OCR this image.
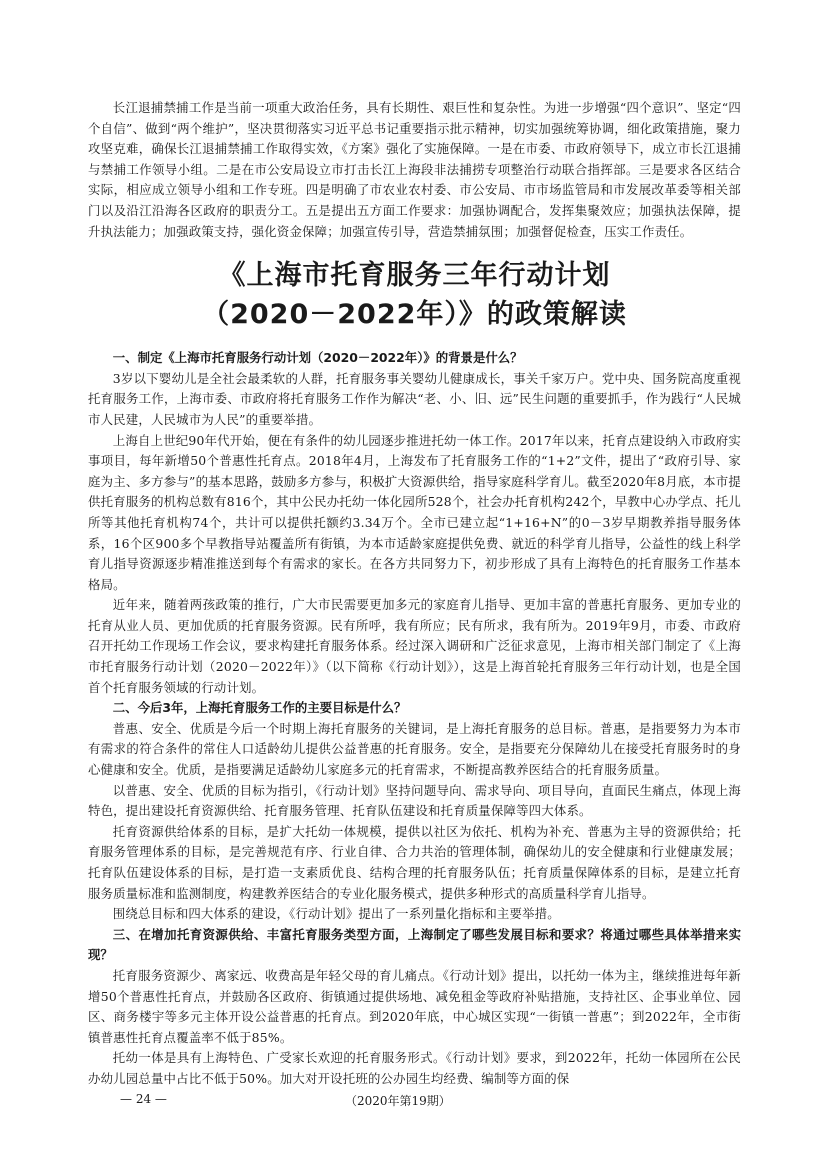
长江退捕禁捕工作是当前一项重大政治任务，具有长期性、艰巨性和复杂性。为进一步增强“四个意识”、坚定“四个自信”、做到“两个维护”，坚决贯彻落实习近平总书记重要指示批示精神，切实加强统筹协调，细化政策措施，聚力攻坚克难，确保长江退捕禁捕工作取得实效，《方案》强化了实施保障。一是在市委、市政府领导下，成立市长江退捕与禁捕工作领导小组。二是在市公安局设立市打击长江上海段非法捕捞专项整治行动联合指挥部。三是要求各区结合实际，相应成立领导小组和工作专班。四是明确了市农业农村委、市公安局、市市场监管局和市发展改革委等相关部门以及沿江沿海各区政府的职责分工。五是提出五方面工作要求：加强协调配合，发挥集聚效应；加强执法保障，提升执法能力；加强政策支持，强化资金保障；加强宣传引导，营造禁捕氛围；加强督促检查，压实工作责任。

《上海市托育服务三年行动计划
（2020－2022年）》的政策解读
一、制定《上海市托育服务行动计划（2020－2022年）》的背景是什么？

3岁以下婴幼儿是全社会最柔软的人群，托育服务事关婴幼儿健康成长，事关千家万户。党中央、国务院高度重视托育服务工作，上海市委、市政府将托育服务工作作为解决“老、小、旧、远”民生问题的重要抓手，作为践行“人民城市人民建，人民城市为人民”的重要举措。

上海自上世纪90年代开始，便在有条件的幼儿园逐步推进托幼一体工作。2017年以来，托育点建设纳入市政府实事项目，每年新增50个普惠性托育点。2018年4月，上海发布了托育服务工作的“1+2”文件，提出了“政府引导、家庭为主、多方参与”的基本思路，鼓励多方参与，积极扩大资源供给，指导家庭科学育儿。截至2020年8月底，本市提供托育服务的机构总数有816个，其中公民办托幼一体化园所528个，社会办托育机构242个，早教中心办学点、托儿所等其他托育机构74个，共计可以提供托额约3.34万个。全市已建立起“1+16+N”的0－3岁早期教养指导服务体系，16个区900多个早教指导站覆盖所有街镇，为本市适龄家庭提供免费、就近的科学育儿指导，公益性的线上科学育儿指导资源逐步精准推送到每个有需求的家长。在各方共同努力下，初步形成了具有上海特色的托育服务工作基本格局。

近年来，随着两孩政策的推行，广大市民需要更加多元的家庭育儿指导、更加丰富的普惠托育服务、更加专业的托育从业人员、更加优质的托育服务资源。民有所呼，我有所应；民有所求，我有所为。2019年9月，市委、市政府召开托幼工作现场工作会议，要求构建托育服务体系。经过深入调研和广泛征求意见，上海市相关部门制定了《上海市托育服务行动计划（2020－2022年）》（以下简称《行动计划》），这是上海首轮托育服务三年行动计划，也是全国首个托育服务领域的行动计划。

二、今后3年，上海托育服务工作的主要目标是什么？

普惠、安全、优质是今后一个时期上海托育服务的关键词，是上海托育服务的总目标。普惠，是指要努力为本市有需求的符合条件的常住人口适龄幼儿提供公益普惠的托育服务。安全，是指要充分保障幼儿在接受托育服务时的身心健康和安全。优质，是指要满足适龄幼儿家庭多元的托育需求，不断提高教养医结合的托育服务质量。

以普惠、安全、优质的目标为指引，《行动计划》坚持问题导向、需求导向、项目导向，直面民生痛点，体现上海特色，提出建设托育资源供给、托育服务管理、托育队伍建设和托育质量保障等四大体系。

托育资源供给体系的目标，是扩大托幼一体规模，提供以社区为依托、机构为补充、普惠为主导的资源供给；托育服务管理体系的目标，是完善规范有序、行业自律、合力共治的管理体制，确保幼儿的安全健康和行业健康发展；托育队伍建设体系的目标，是打造一支素质优良、结构合理的托育服务队伍；托育质量保障体系的目标，是建立托育服务质量标准和监测制度，构建教养医结合的专业化服务模式，提供多种形式的高质量科学育儿指导。

围绕总目标和四大体系的建设，《行动计划》提出了一系列量化指标和主要举措。

三、在增加托育资源供给、丰富托育服务类型方面，上海制定了哪些发展目标和要求？将通过哪些具体举措来实现？

托育服务资源少、离家远、收费高是年轻父母的育儿痛点。《行动计划》提出，以托幼一体为主，继续推进每年新增50个普惠性托育点，并鼓励各区政府、街镇通过提供场地、减免租金等政府补贴措施，支持社区、企事业单位、园区、商务楼宇等多元主体开设公益普惠的托育点。到2020年底，中心城区实现“一街镇一普惠”；到2022年，全市街镇普惠性托育点覆盖率不低于85%。

托幼一体是具有上海特色、广受家长欢迎的托育服务形式。《行动计划》要求，到2022年，托幼一体园所在公民办幼儿园总量中占比不低于50%。加大对开设托班的公办园生均经费、编制等方面的保

— 24 —	（2020年第19期）
